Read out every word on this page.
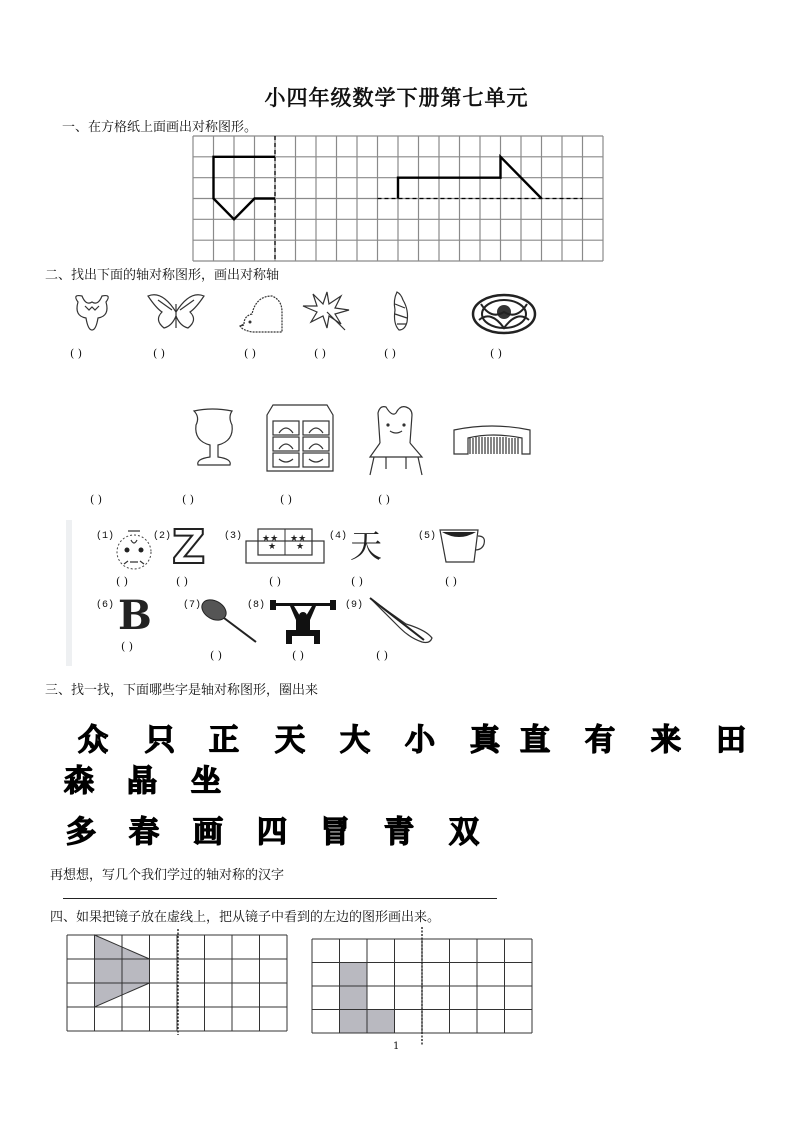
小四年级数学下册第七单元
一、在方格纸上面画出对称图形。
二、找出下面的轴对称图形，画出对称轴
( )	( )	( )	( )	( )	( )
( )	( )	( )	( )
(1)	(2) Z (3) ★★ ★★
★ ★
(4) 天	(5)
( )	( )	( )	( )	( )
(6) B	(7)	(8)	(9)
( )
( )	( )	( )
三、找一找，下面哪些字是轴对称图形，圈出来
众 只 正 天 大 小 真 直 有 来 田
森 晶 坐
多 春 画 四 冒 青 双
再想想，写几个我们学过的轴对称的汉字
四、如果把镜子放在虚线上，把从镜子中看到的左边的图形画出来。
1
